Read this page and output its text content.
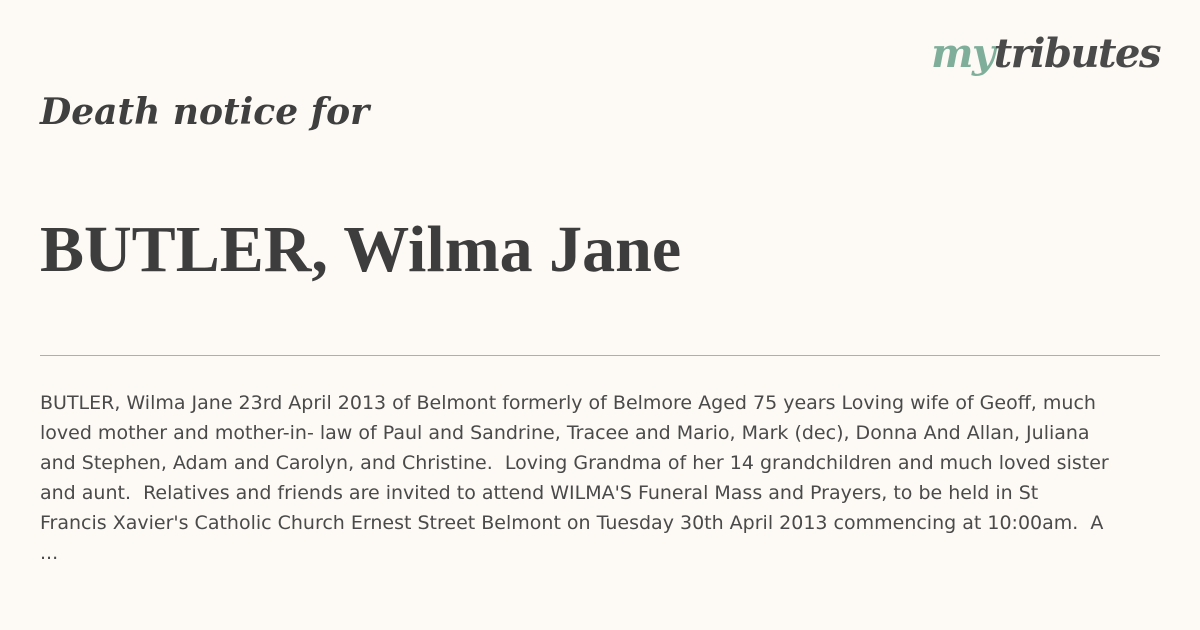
mytributes
Death notice for
BUTLER, Wilma Jane

BUTLER, Wilma Jane 23rd April 2013 of Belmont formerly of Belmore Aged 75 years Loving wife of Geoff, much
loved mother and mother-in- law of Paul and Sandrine, Tracee and Mario, Mark (dec), Donna And Allan, Juliana
and Stephen, Adam and Carolyn, and Christine.  Loving Grandma of her 14 grandchildren and much loved sister
and aunt.  Relatives and friends are invited to attend WILMA'S Funeral Mass and Prayers, to be held in St
Francis Xavier's Catholic Church Ernest Street Belmont on Tuesday 30th April 2013 commencing at 10:00am.  A
...
